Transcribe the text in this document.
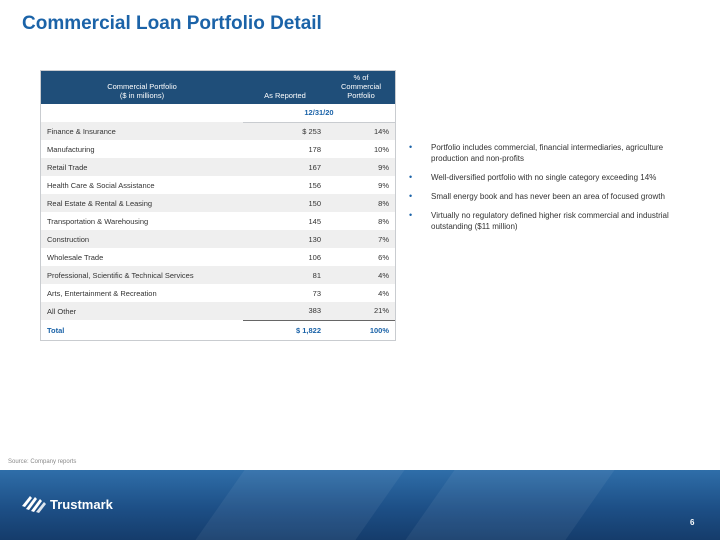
Commercial Loan Portfolio Detail
Commercial Portfolio
($ in millions)	As Reported	% of Commercial
Portfolio
	12/31/20	
Finance & Insurance	$ 253	14%
Manufacturing	178	10%
Retail Trade	167	9%
Health Care & Social Assistance	156	9%
Real Estate & Rental & Leasing	150	8%
Transportation & Warehousing	145	8%
Construction	130	7%
Wholesale Trade	106	6%
Professional, Scientific & Technical Services	81	4%
Arts, Entertainment & Recreation	73	4%
All Other	383	21%
Total	$ 1,822	100%
• Portfolio includes commercial, financial intermediaries, agriculture production and non-profits
• Well-diversified portfolio with no single category exceeding 14%
• Small energy book and has never been an area of focused growth
• Virtually no regulatory defined higher risk commercial and industrial outstanding ($11 million)
Source: Company reports
Trustmark
6
